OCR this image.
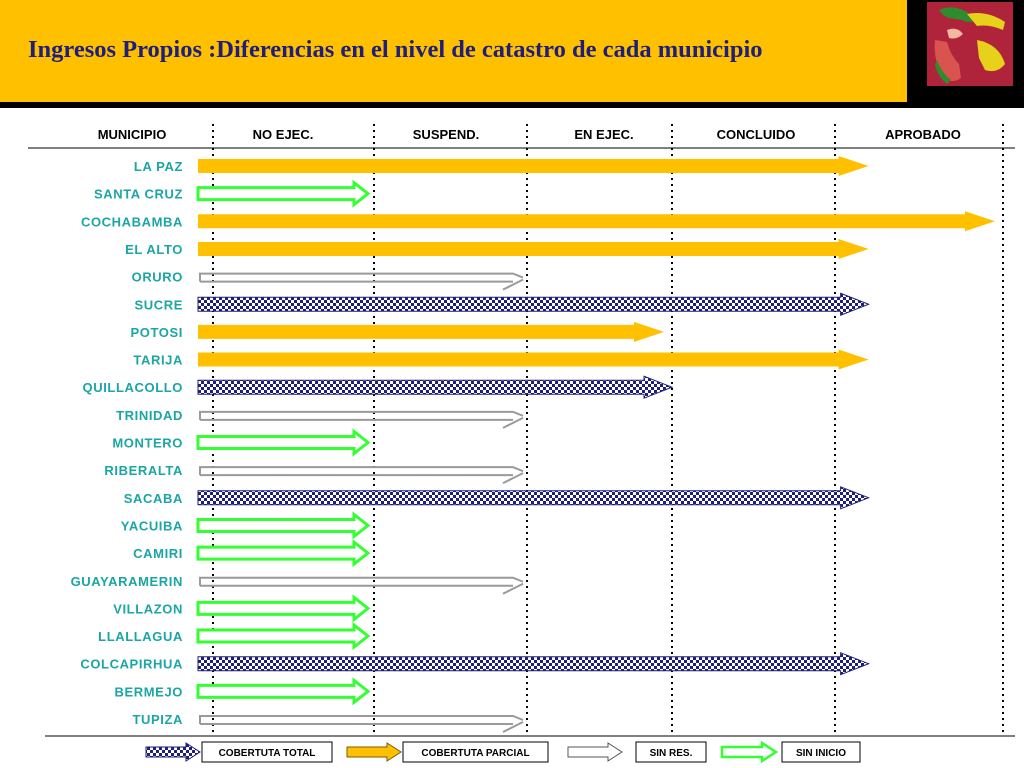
Ingresos Propios :Diferencias en el nivel de catastro de cada municipio
MUNICIPIO	NO EJEC.	SUSPEND.	EN EJEC.	CONCLUIDO	APROBADO
LA PAZ
SANTA CRUZ
COCHABAMBA
EL ALTO
ORURO
SUCRE
POTOSI
TARIJA
QUILLACOLLO
TRINIDAD
MONTERO
RIBERALTA
SACABA
YACUIBA
CAMIRI
GUAYARAMERIN
VILLAZON
LLALLAGUA
COLCAPIRHUA
BERMEJO
TUPIZA
COBERTUTA TOTAL	COBERTUTA PARCIAL	SIN RES.	SIN INICIO
